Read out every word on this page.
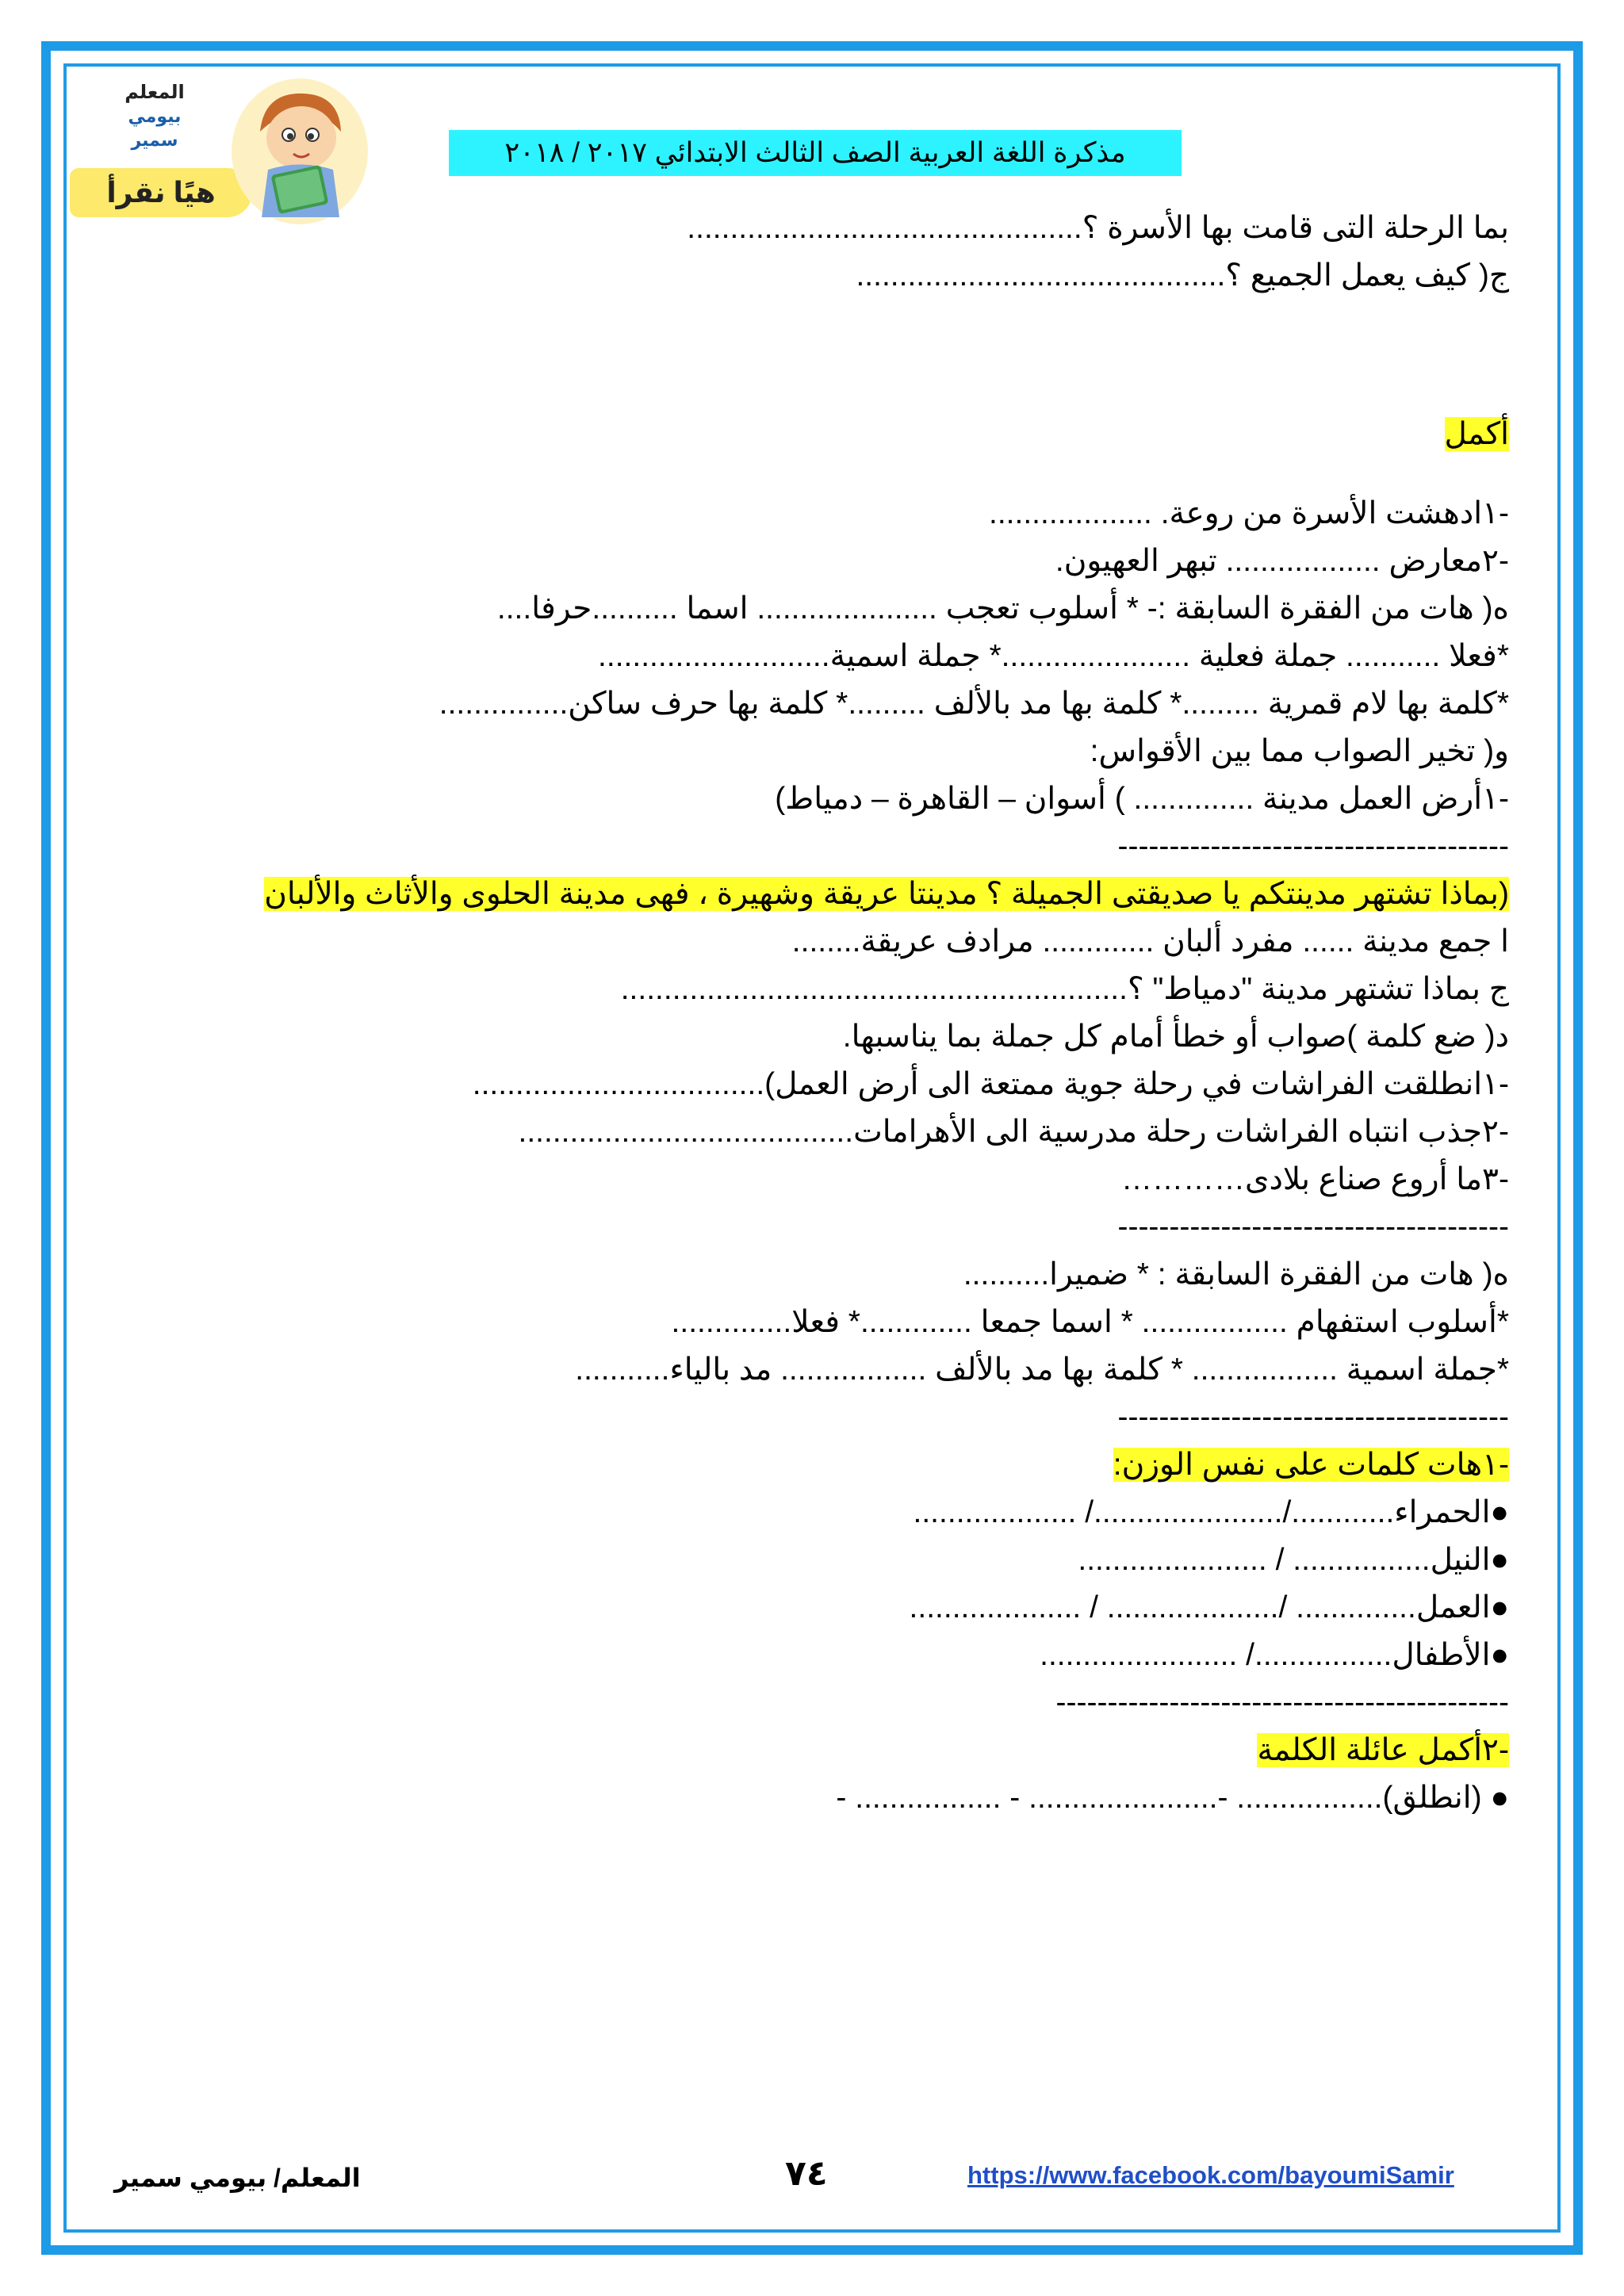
المعلم
بيومي سمير
هيًا نقرأ
مذكرة اللغة العربية الصف الثالث الابتدائي ٢٠١٧ / ٢٠١٨
بما الرحلة التى قامت بها الأسرة ؟..............................................
ج( كيف يعمل الجميع ؟...........................................
أكمل
-١ادهشت الأسرة من روعة. ...................
-٢معارض .................. تبهر العهيون.
ه( هات من الفقرة السابقة :- * أسلوب تعجب ..................... اسما ..........حرفا....
*فعلا ........... جملة فعلية ......................* جملة اسمية...........................
*كلمة بها لام قمرية .........* كلمة بها مد بالألف .........* كلمة بها حرف ساكن...............
و( تخير الصواب مما بين الأقواس:
-١أرض العمل مدينة .............. ) أسوان – القاهرة – دمياط)
--------------------------------------
(بماذا تشتهر مدينتكم يا صديقتى الجميلة ؟ مدينتا عريقة وشهيرة ، فهى مدينة الحلوى والأثاث والألبان
ا جمع مدينة ...... مفرد ألبان ............. مرادف عريقة........
ج بماذا تشتهر مدينة "دمياط" ؟...........................................................
د( ضع كلمة )صواب أو خطأ أمام كل جملة بما يناسبها.
-١انطلقت الفراشات في رحلة جوية ممتعة الى أرض العمل)..................................
-٢جذب انتباه الفراشات رحلة مدرسية الى الأهرامات.......................................
-٣ما أروع صناع بلادى…………
--------------------------------------
ه( هات من الفقرة السابقة : * ضميرا..........
*أسلوب استفهام ................. * اسما جمعا .............* فعلا..............
*جملة اسمية ................. * كلمة بها مد بالألف ................. مد بالياء...........
--------------------------------------
-١هات كلمات على نفس الوزن:
●الحمراء............/....................../ ...................
●النيل................ / ......................
●العمل.............. /.................... / ....................
●الأطفال................/ .......................
--------------------------------------------
-٢أكمل عائلة الكلمة
● (انطلق)................. -...................... - ................. -
المعلم/ بيومي سمير	٧٤	https://www.facebook.com/bayoumiSamir
